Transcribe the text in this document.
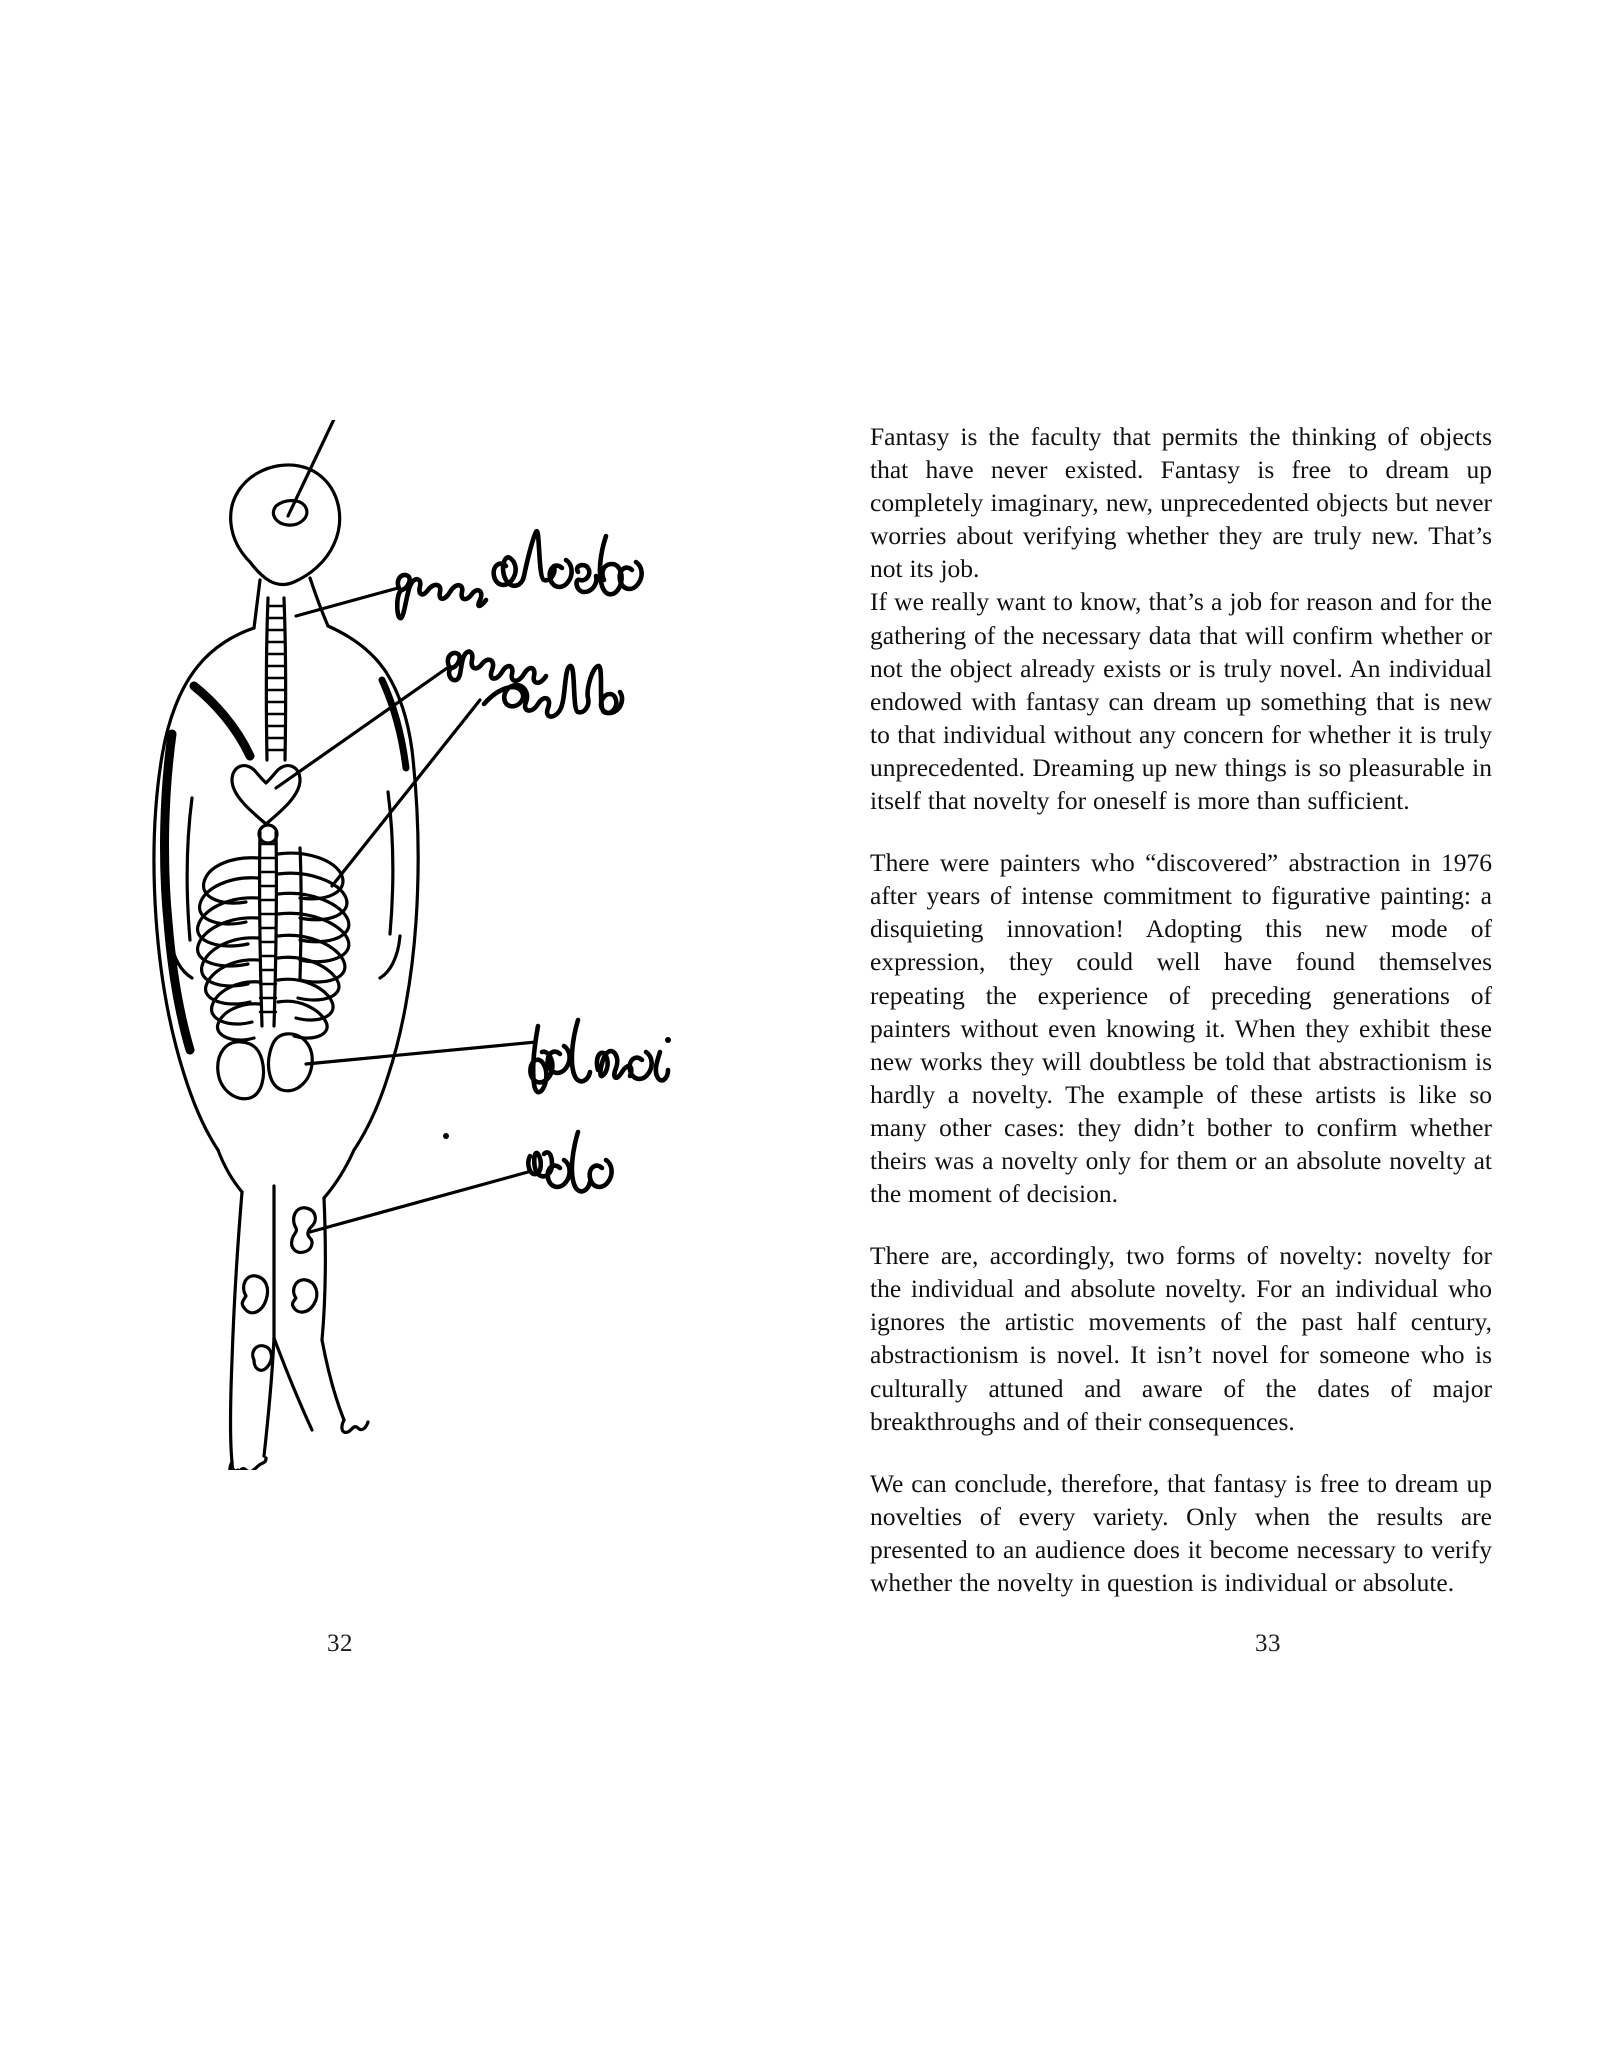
32

Fantasy is the faculty that permits the thinking of objects that have never existed. Fantasy is free to dream up completely imaginary, new, unprecedented objects but never worries about verifying whether they are truly new. That’s not its job.

If we really want to know, that’s a job for reason and for the gathering of the necessary data that will confirm whether or not the object already exists or is truly novel. An individual endowed with fantasy can dream up something that is new to that individual without any concern for whether it is truly unprecedented. Dreaming up new things is so pleasurable in itself that novelty for oneself is more than sufficient.

There were painters who “discovered” abstraction in 1976 after years of intense commitment to figurative painting: a disquieting innovation! Adopting this new mode of expression, they could well have found themselves repeating the experience of preceding generations of painters without even knowing it. When they exhibit these new works they will doubtless be told that abstractionism is hardly a novelty. The example of these artists is like so many other cases: they didn’t bother to confirm whether theirs was a novelty only for them or an absolute novelty at the moment of decision.

There are, accordingly, two forms of novelty: novelty for the individual and absolute novelty. For an individual who ignores the artistic movements of the past half century, abstractionism is novel. It isn’t novel for someone who is culturally attuned and aware of the dates of major breakthroughs and of their consequences.

We can conclude, therefore, that fantasy is free to dream up novelties of every variety. Only when the results are presented to an audience does it become necessary to verify whether the novelty in question is individual or absolute.

33
